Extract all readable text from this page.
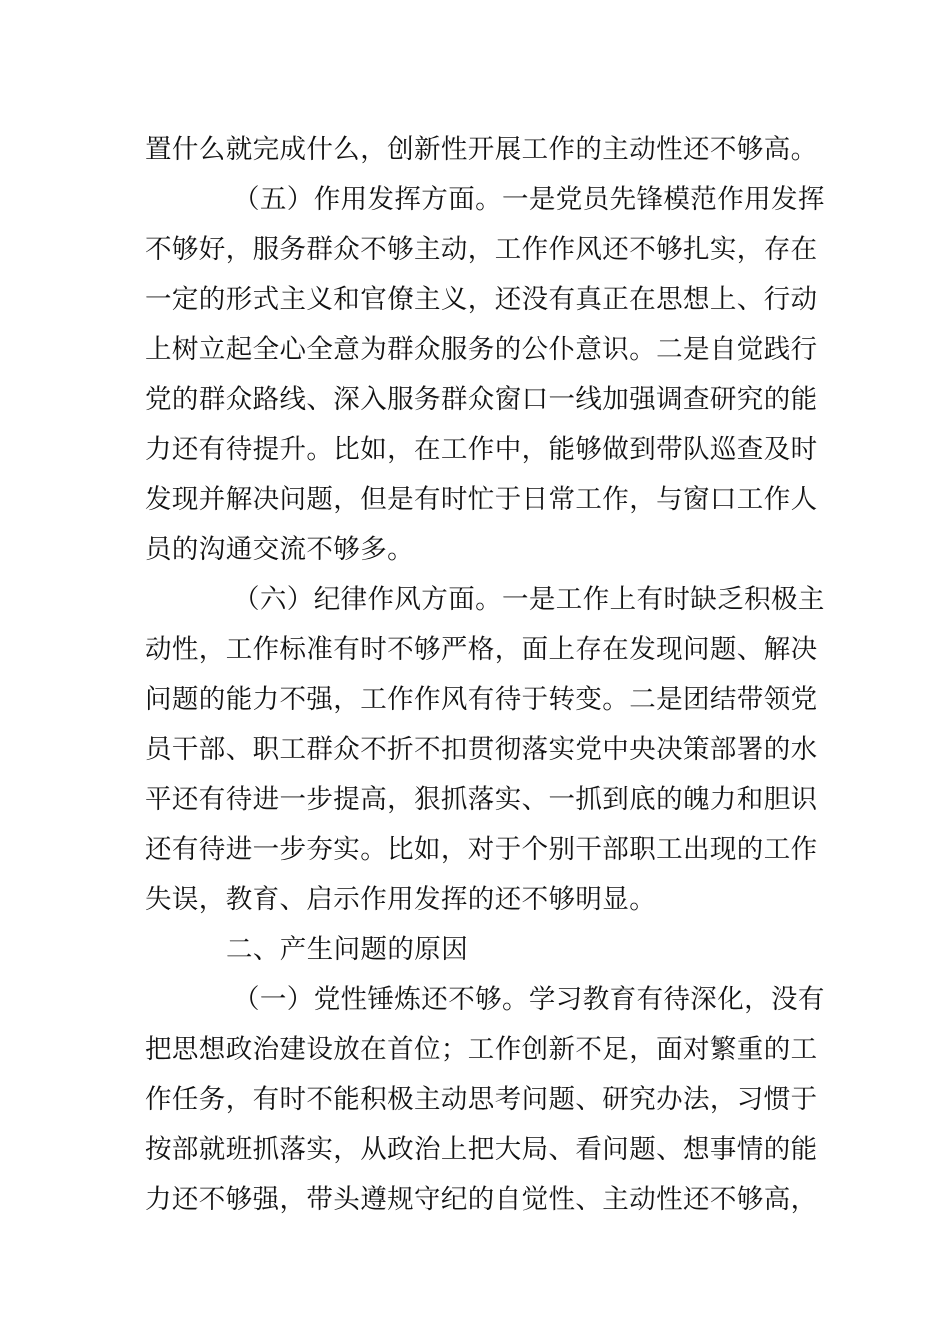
置什么就完成什么，创新性开展工作的主动性还不够高。

（五）作用发挥方面。一是党员先锋模范作用发挥

不够好，服务群众不够主动，工作作风还不够扎实，存在

一定的形式主义和官僚主义，还没有真正在思想上、行动

上树立起全心全意为群众服务的公仆意识。二是自觉践行

党的群众路线、深入服务群众窗口一线加强调查研究的能

力还有待提升。比如，在工作中，能够做到带队巡查及时

发现并解决问题，但是有时忙于日常工作，与窗口工作人

员的沟通交流不够多。

（六）纪律作风方面。一是工作上有时缺乏积极主

动性，工作标准有时不够严格，面上存在发现问题、解决

问题的能力不强，工作作风有待于转变。二是团结带领党

员干部、职工群众不折不扣贯彻落实党中央决策部署的水

平还有待进一步提高，狠抓落实、一抓到底的魄力和胆识

还有待进一步夯实。比如，对于个别干部职工出现的工作

失误，教育、启示作用发挥的还不够明显。

二、产生问题的原因

（一）党性锤炼还不够。学习教育有待深化，没有

把思想政治建设放在首位；工作创新不足，面对繁重的工

作任务，有时不能积极主动思考问题、研究办法，习惯于

按部就班抓落实，从政治上把大局、看问题、想事情的能

力还不够强，带头遵规守纪的自觉性、主动性还不够高，
